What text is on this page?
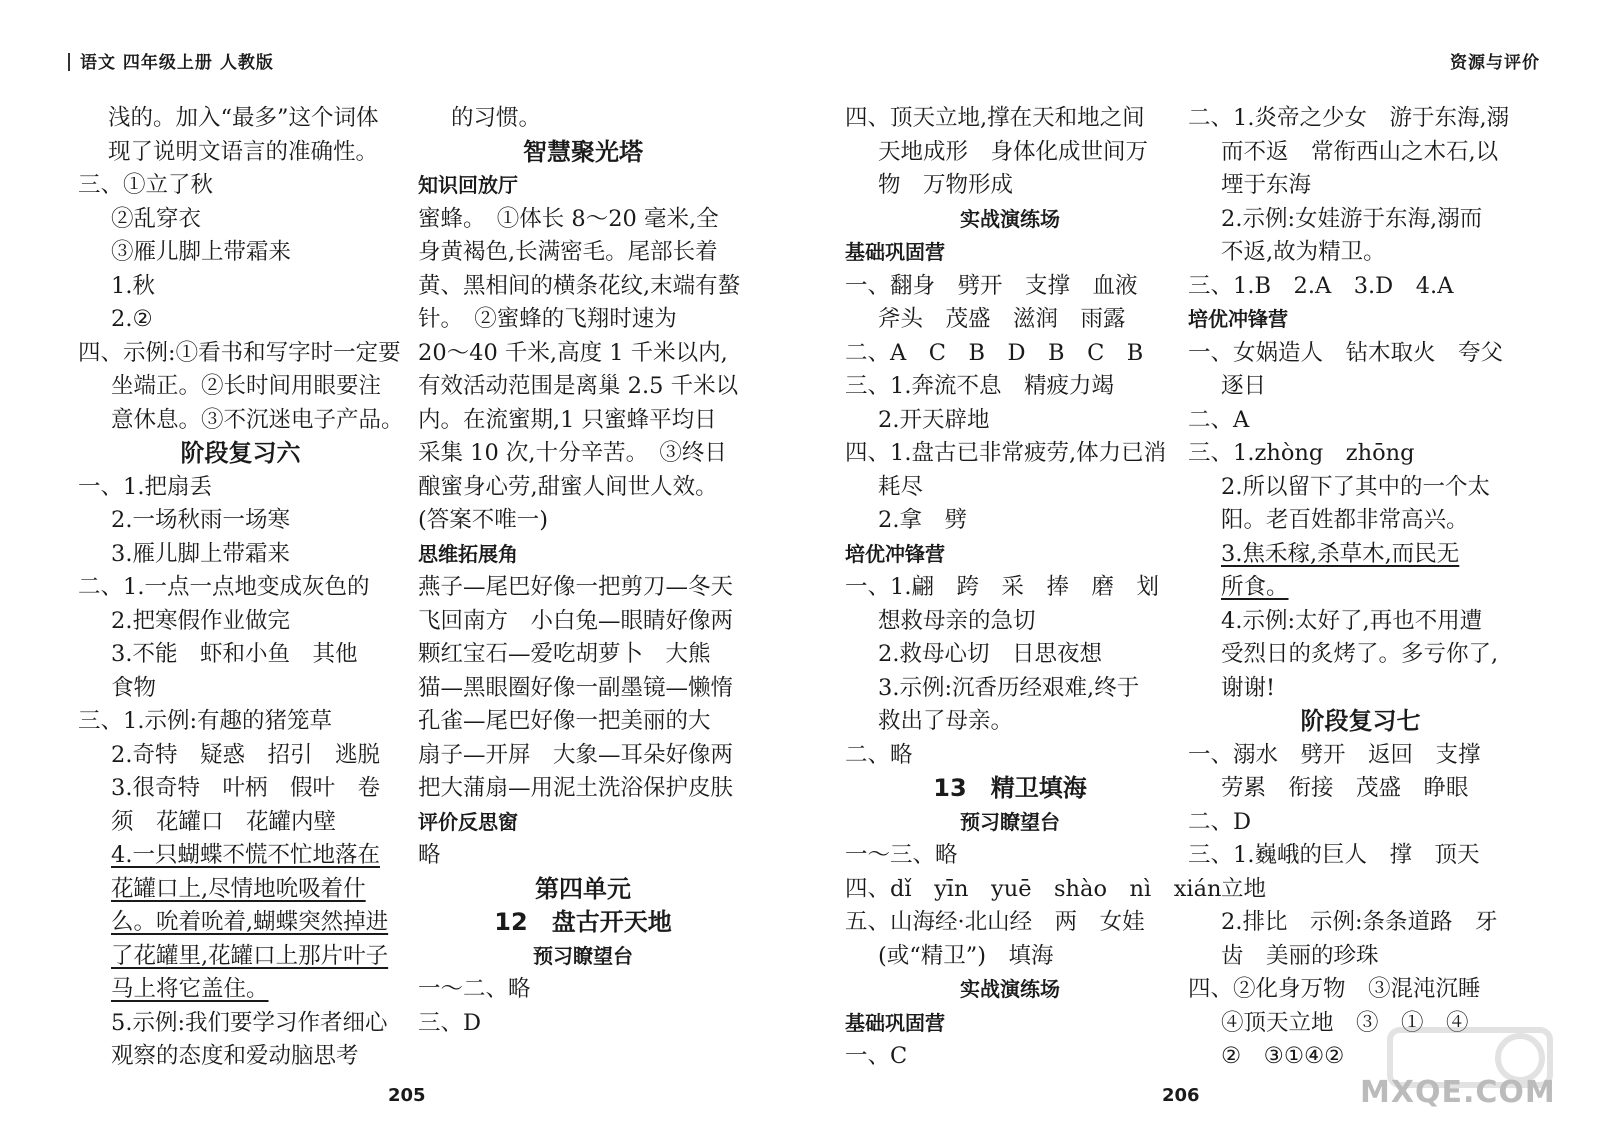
语文 四年级上册 人教版	资源与评价
浅的。加入“最多”这个词体
现了说明文语言的准确性。
三、①立了秋
②乱穿衣
③雁儿脚上带霜来
1.秋
2.②
四、示例:①看书和写字时一定要
坐端正。②长时间用眼要注
意休息。③不沉迷电子产品。
阶段复习六
一、1.把扇丢
2.一场秋雨一场寒
3.雁儿脚上带霜来
二、1.一点一点地变成灰色的
2.把寒假作业做完
3.不能　虾和小鱼　其他
食物
三、1.示例:有趣的猪笼草
2.奇特　疑惑　招引　逃脱
3.很奇特　叶柄　假叶　卷
须　花罐口　花罐内壁
4.一只蝴蝶不慌不忙地落在
花罐口上,尽情地吮吸着什
么。吮着吮着,蝴蝶突然掉进
了花罐里,花罐口上那片叶子
马上将它盖住。
5.示例:我们要学习作者细心
观察的态度和爱动脑思考
的习惯。
智慧聚光塔
知识回放厅
蜜蜂。　①体长 8～20 毫米,全
身黄褐色,长满密毛。尾部长着
黄、黑相间的横条花纹,末端有螯
针。　②蜜蜂的飞翔时速为
20～40 千米,高度 1 千米以内,
有效活动范围是离巢 2.5 千米以
内。在流蜜期,1 只蜜蜂平均日
采集 10 次,十分辛苦。　③终日
酿蜜身心劳,甜蜜人间世人效。
(答案不唯一)
思维拓展角
燕子—尾巴好像一把剪刀—冬天
飞回南方　小白兔—眼睛好像两
颗红宝石—爱吃胡萝卜　大熊
猫—黑眼圈好像一副墨镜—懒惰
孔雀—尾巴好像一把美丽的大
扇子—开屏　大象—耳朵好像两
把大蒲扇—用泥土洗浴保护皮肤
评价反思窗
略
第四单元
12　盘古开天地
预习瞭望台
一～二、略
三、D
四、顶天立地,撑在天和地之间
天地成形　身体化成世间万
物　万物形成
实战演练场
基础巩固营
一、翻身　劈开　支撑　血液
斧头　茂盛　滋润　雨露
二、A　C　B　D　B　C　B
三、1.奔流不息　精疲力竭
2.开天辟地
四、1.盘古已非常疲劳,体力已消
耗尽
2.拿　劈
培优冲锋营
一、1.翩　跨　采　捧　磨　划
想救母亲的急切
2.救母心切　日思夜想
3.示例:沉香历经艰难,终于
救出了母亲。
二、略
13　精卫填海
预习瞭望台
一～三、略
四、dǐ　yīn　yuē　shào　nì　xián
五、山海经·北山经　两　女娃
(或“精卫”)　填海
实战演练场
基础巩固营
一、C
二、1.炎帝之少女　游于东海,溺
而不返　常衔西山之木石,以
堙于东海
2.示例:女娃游于东海,溺而
不返,故为精卫。
三、1.B　2.A　3.D　4.A
培优冲锋营
一、女娲造人　钻木取火　夸父
逐日
二、A
三、1.zhòng　zhōng
2.所以留下了其中的一个太
阳。老百姓都非常高兴。
3.焦禾稼,杀草木,而民无
所食。
4.示例:太好了,再也不用遭
受烈日的炙烤了。多亏你了,
谢谢!
阶段复习七
一、溺水　劈开　返回　支撑
劳累　衔接　茂盛　睁眼
二、D
三、1.巍峨的巨人　撑　顶天
立地
2.排比　示例:条条道路　牙
齿　美丽的珍珠
四、②化身万物　③混沌沉睡
④顶天立地　③　①　④
②　③①④②
205	206	MXQE.COM
